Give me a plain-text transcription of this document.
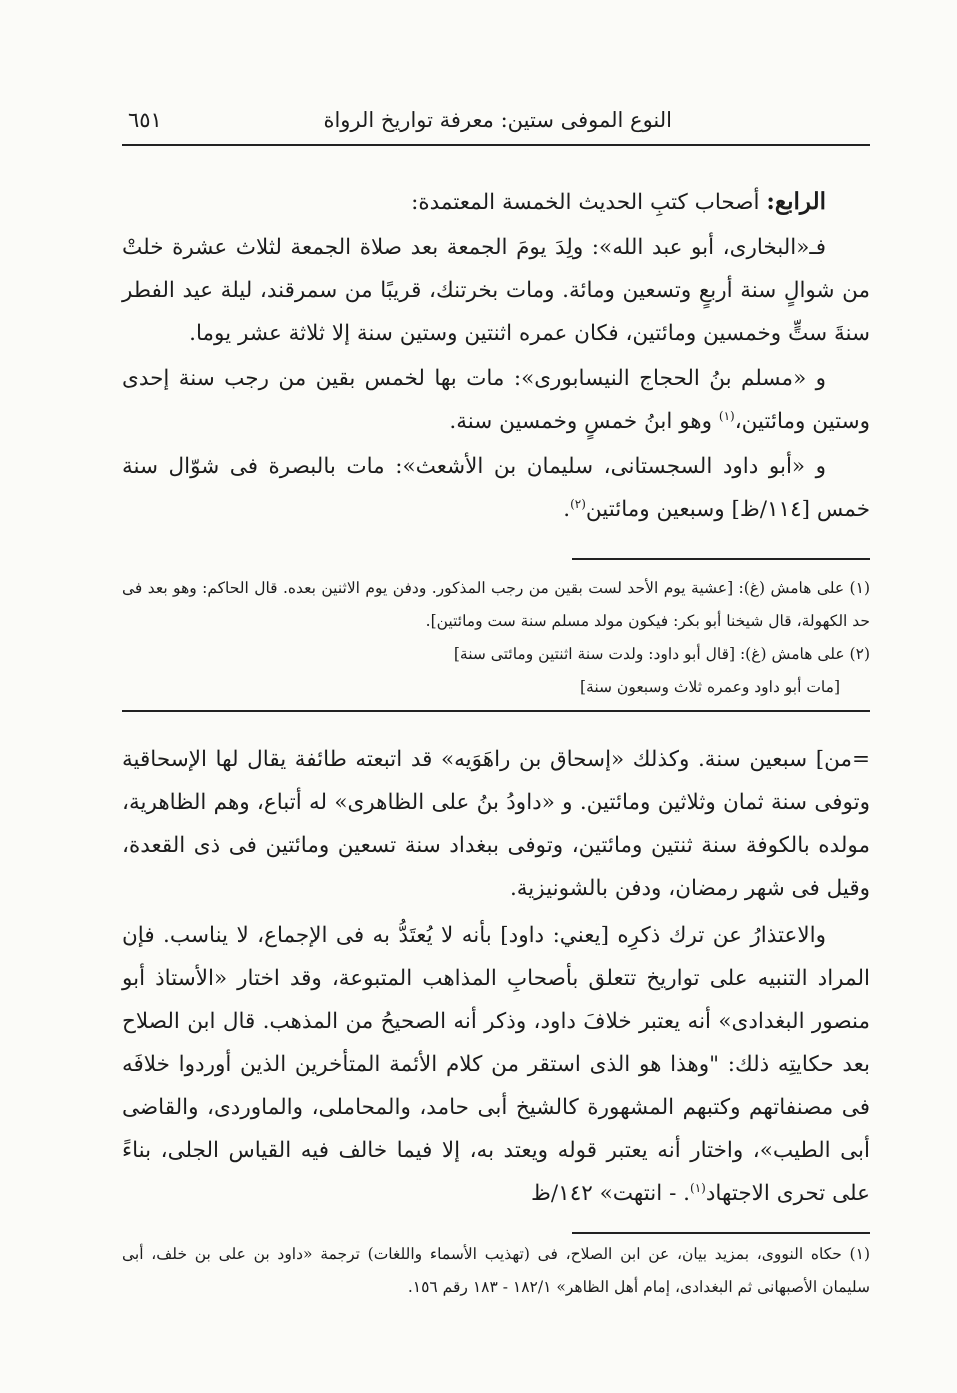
النوع الموفى ستين: معرفة تواريخ الرواة
٦٥١

الرابع: أصحاب كتبِ الحديث الخمسة المعتمدة:

فـ«البخارى، أبو عبد الله»: ولِدَ يومَ الجمعة بعد صلاة الجمعة لثلاث عشرة خلتْ من شوالٍ سنة أربعٍ وتسعين ومائة. ومات بخرتنك، قريبًا من سمرقند، ليلة عيد الفطر سنةَ ستٍّ وخمسين ومائتين، فكان عمره اثنتين وستين سنة إلا ثلاثة عشر يوما.

و «مسلم بنُ الحجاج النيسابورى»: مات بها لخمس بقين من رجب سنة إحدى وستين ومائتين،$^{(١)}$ وهو ابنُ خمسٍ وخمسين سنة.

و «أبو داود السجستانى، سليمان بن الأشعث»: مات بالبصرة فى شوّال سنة خمس [١١٤/ظ] وسبعين ومائتين$^{(٢)}$.

(١) على هامش (غ): [عشية يوم الأحد لست بقين من رجب المذكور. ودفن يوم الاثنين بعده. قال الحاكم: وهو بعد فى حد الكهولة، قال شيخنا أبو بكر: فيكون مولد مسلم سنة ست ومائتين].

(٢) على هامش (غ): [قال أبو داود: ولدت سنة اثنتين ومائتى سنة]

[مات أبو داود وعمره ثلاث وسبعون سنة]

=من] سبعين سنة. وكذلك «إسحاق بن راهَوَيه» قد اتبعته طائفة يقال لها الإسحاقية وتوفى سنة ثمان وثلاثين ومائتين. و «داودُ بنُ على الظاهرى» له أتباع، وهم الظاهرية، مولده بالكوفة سنة ثنتين ومائتين، وتوفى ببغداد سنة تسعين ومائتين فى ذى القعدة، وقيل فى شهر رمضان، ودفن بالشونيزية.

والاعتذارُ عن ترك ذكرِه [يعني: داود] بأنه لا يُعتَدُّ به فى الإجماع، لا يناسب. فإن المراد التنبيه على تواريخ تتعلق بأصحابِ المذاهب المتبوعة، وقد اختار «الأستاذ أبو منصور البغدادى» أنه يعتبر خلافَ داود، وذكر أنه الصحيحُ من المذهب. قال ابن الصلاح بعد حكايتِه ذلك: "وهذا هو الذى استقر من كلام الأئمة المتأخرين الذين أوردوا خلافَه فى مصنفاتهم وكتبهم المشهورة كالشيخ أبى حامد، والمحاملى، والماوردى، والقاضى أبى الطيب»، واختار أنه يعتبر قوله ويعتد به، إلا فيما خالف فيه القياس الجلى، بناءً على تحرى الاجتهاد$^{(١)}$. - انتهت» ١٤٢/ظ

(١) حكاه النووى، بمزيد بيان، عن ابن الصلاح، فى (تهذيب الأسماء واللغات) ترجمة «داود بن على بن خلف، أبى سليمان الأصبهانى ثم البغدادى، إمام أهل الظاهر» ١٨٢/١ - ١٨٣ رقم ١٥٦.
